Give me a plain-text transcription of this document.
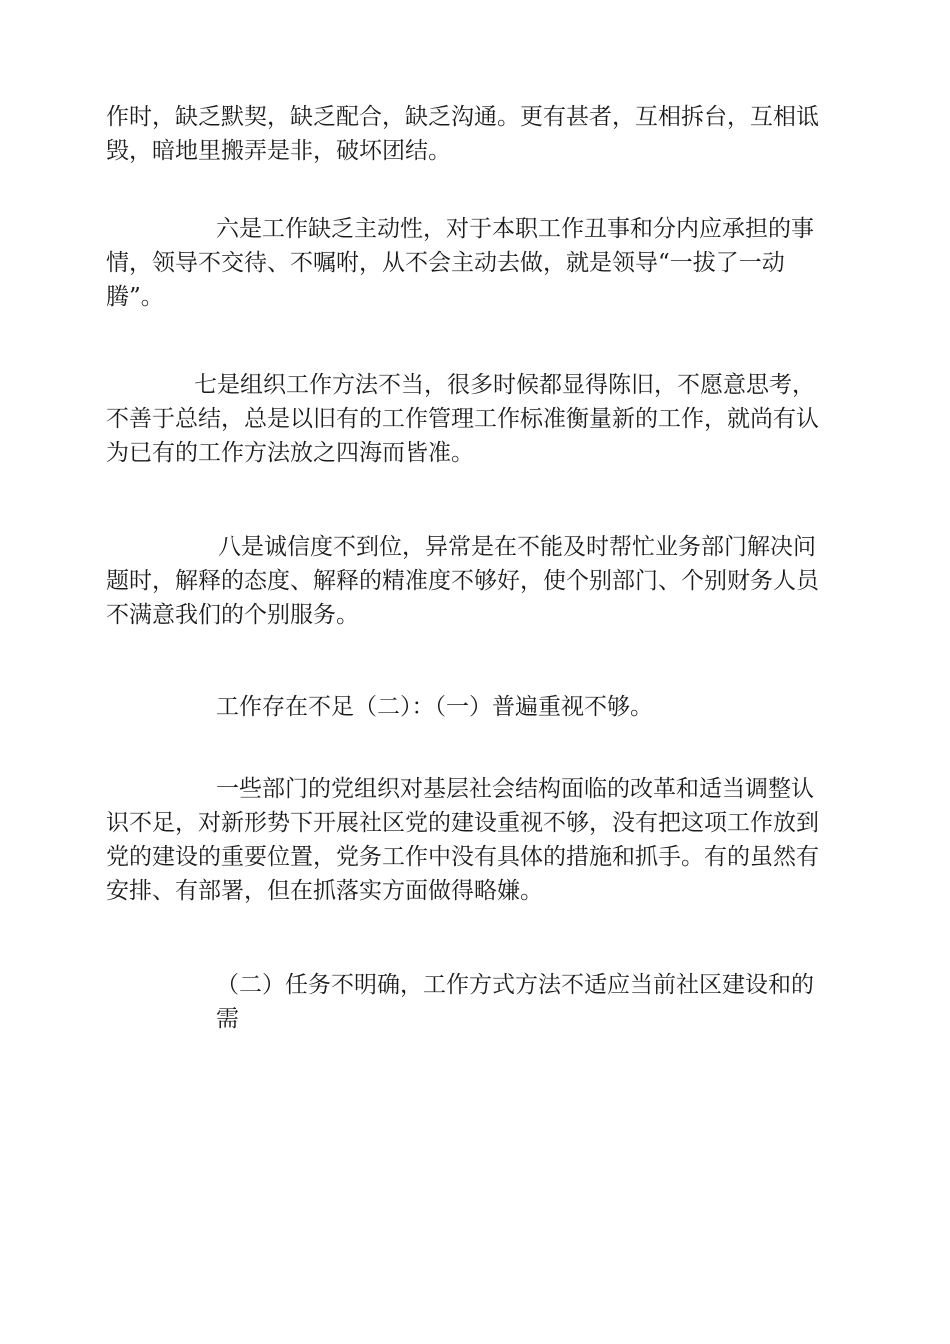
作时，缺乏默契，缺乏配合，缺乏沟通。更有甚者，互相拆台，互相诋
毁，暗地里搬弄是非，破坏团结。
六是工作缺乏主动性，对于本职工作丑事和分内应承担的事
情，领导不交待、不嘱咐，从不会主动去做，就是领导“一拔了一动
腾”。
七是组织工作方法不当，很多时候都显得陈旧，不愿意思考，
不善于总结，总是以旧有的工作管理工作标准衡量新的工作，就尚有认
为已有的工作方法放之四海而皆准。
八是诚信度不到位，异常是在不能及时帮忙业务部门解决问
题时，解释的态度、解释的精准度不够好，使个别部门、个别财务人员
不满意我们的个别服务。
工作存在不足（二）：（一）普遍重视不够。
一些部门的党组织对基层社会结构面临的改革和适当调整认
识不足，对新形势下开展社区党的建设重视不够，没有把这项工作放到
党的建设的重要位置，党务工作中没有具体的措施和抓手。有的虽然有
安排、有部署，但在抓落实方面做得略嫌。
（二）任务不明确，工作方式方法不适应当前社区建设和的
需
